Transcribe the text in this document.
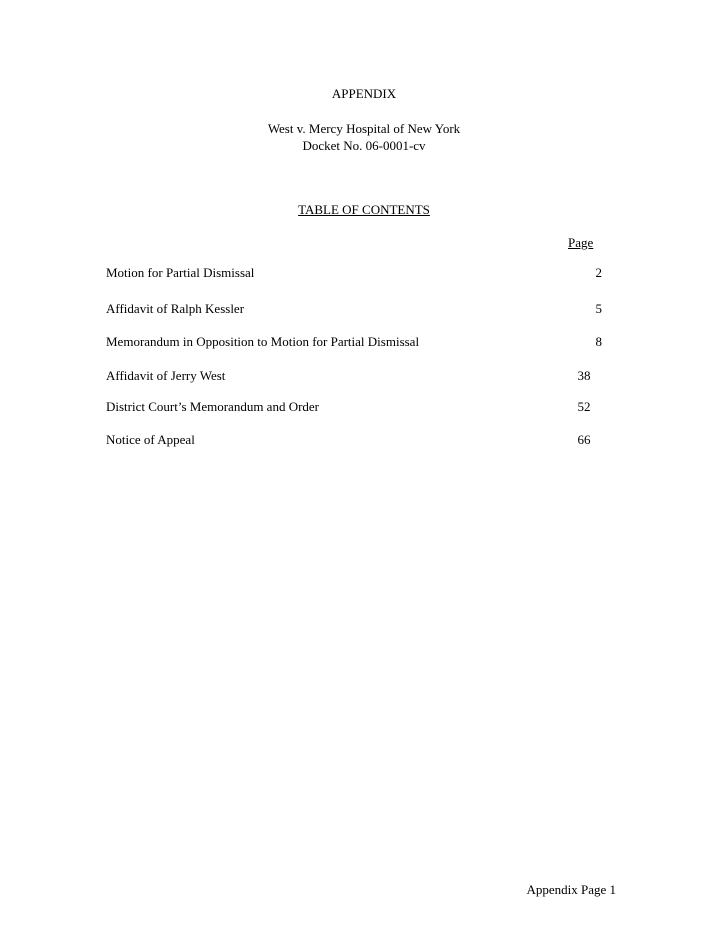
APPENDIX
West v. Mercy Hospital of New York
Docket No. 06-0001-cv
TABLE OF CONTENTS
Page
Motion for Partial Dismissal	2
Affidavit of Ralph Kessler	5
Memorandum in Opposition to Motion for Partial Dismissal	8
Affidavit of Jerry West	38
District Court’s Memorandum and Order	52
Notice of Appeal	66
Appendix Page 1
